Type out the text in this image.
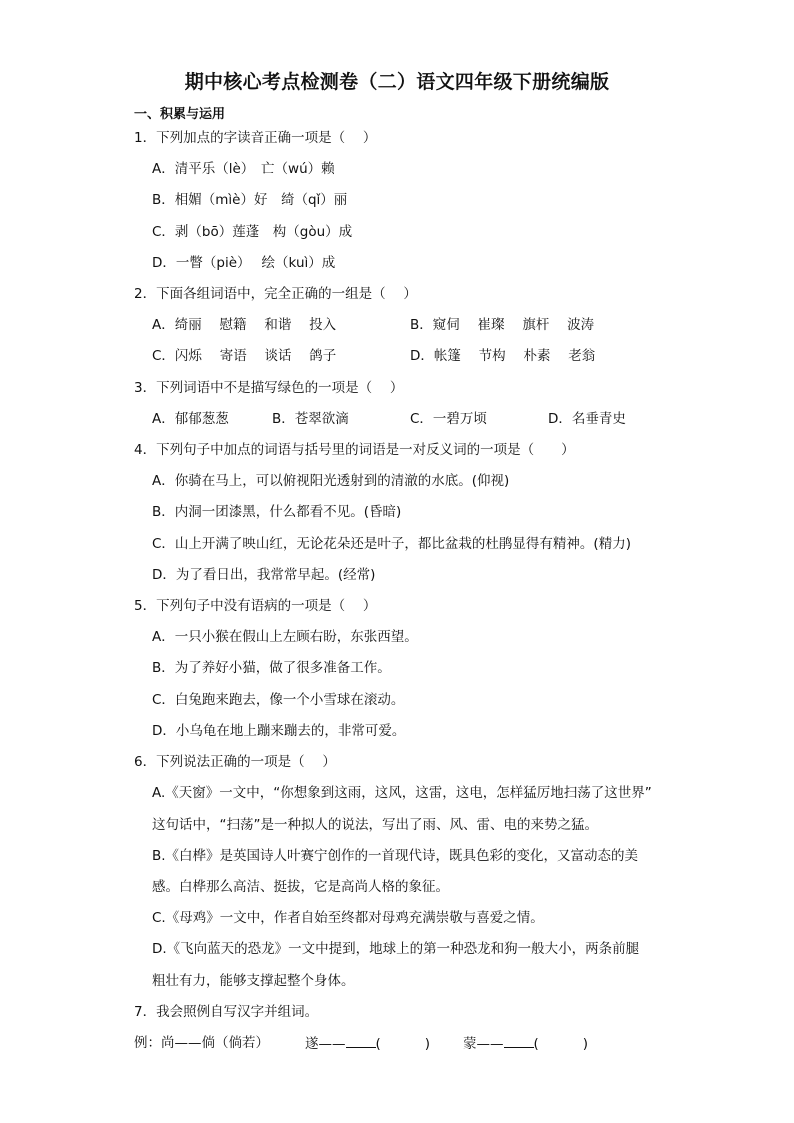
期中核心考点检测卷（二）语文四年级下册统编版
一、积累与运用
1．下列加点的字读音正确一项是（　 ）
A．清平乐（lè）　亡（wú）赖
B．相媚（mìè）好　绮（qǐ）丽
C．剥（bō）莲蓬　构（gòu）成
D．一瞥（piè）　 绘（kuì）成
2．下面各组词语中，完全正确的一组是（　 ）
A．绮丽　 慰籍　 和谐　 投入	B．窥伺　 崔璨　 旗杆　 波涛
C．闪烁　 寄语　 谈话　 鸽子	D．帐篷　 节构　 朴素　 老翁
3．下列词语中不是描写绿色的一项是（　 ）
A．郁郁葱葱	B．苍翠欲滴	C．一碧万顷	D．名垂青史
4．下列句子中加点的词语与括号里的词语是一对反义词的一项是（　　）
A．你骑在马上，可以俯视阳光透射到的清澈的水底。(仰视)
B．内洞一团漆黑，什么都看不见。(昏暗)
C．山上开满了映山红，无论花朵还是叶子，都比盆栽的杜鹃显得有精神。(精力)
D．为了看日出，我常常早起。(经常)
5．下列句子中没有语病的一项是（　 ）
A．一只小猴在假山上左顾右盼，东张西望。
B．为了养好小猫，做了很多准备工作。
C．白兔跑来跑去，像一个小雪球在滚动。
D．小乌龟在地上蹦来蹦去的，非常可爱。
6．下列说法正确的一项是（　 ）
A.《天窗》一文中，“你想象到这雨，这风，这雷，这电，怎样猛厉地扫荡了这世界”
这句话中，“扫荡”是一种拟人的说法，写出了雨、风、雷、电的来势之猛。
B.《白桦》是英国诗人叶赛宁创作的一首现代诗，既具色彩的变化，又富动态的美
感。白桦那么高洁、挺拔，它是高尚人格的象征。
C.《母鸡》一文中，作者自始至终都对母鸡充满崇敬与喜爱之情。
D.《飞向蓝天的恐龙》一文中提到，地球上的第一种恐龙和狗一般大小，两条前腿
粗壮有力，能够支撑起整个身体。
7．我会照例自写汉字并组词。
例：尚——倘（倘若）	遂—— (	) 蒙—— (	)
